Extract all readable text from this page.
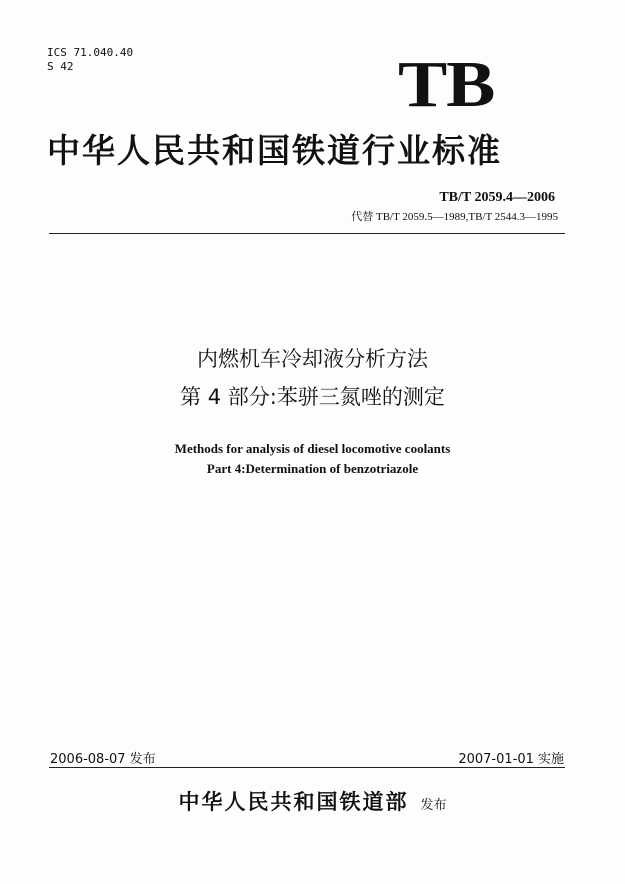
ICS 71.040.40
S 42	TB
中华人民共和国铁道行业标准
TB/T 2059.4—2006
代替 TB/T 2059.5—1989,TB/T 2544.3—1995
内燃机车冷却液分析方法
第 4 部分:苯骈三氮唑的测定
Methods for analysis of diesel locomotive coolants
Part 4:Determination of benzotriazole
2006-08-07 发布	2007-01-01 实施
中华人民共和国铁道部 发布
